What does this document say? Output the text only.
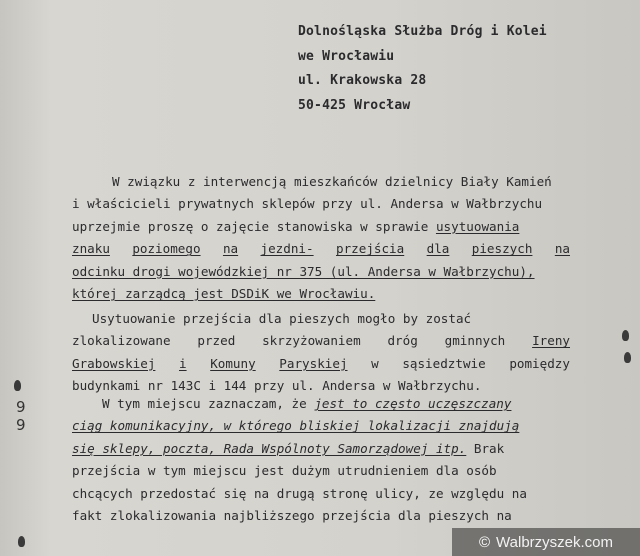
Dolnośląska Służba Dróg i Kolei
we Wrocławiu
ul. Krakowska 28
50-425 Wrocław
W związku z interwencją mieszkańców dzielnicy Biały Kamień
i właścicieli prywatnych sklepów przy ul. Andersa w Wałbrzychu
uprzejmie proszę o zajęcie stanowiska w sprawie usytuowania
znaku poziomego na jezdni- przejścia dla pieszych na
odcinku drogi wojewódzkiej nr 375 (ul. Andersa w Wałbrzychu),
której zarządcą jest DSDiK we Wrocławiu.
Usytuowanie przejścia dla pieszych mogło by zostać
zlokalizowane przed skrzyżowaniem dróg gminnych Ireny
Grabowskiej i Komuny Paryskiej w sąsiedztwie pomiędzy
budynkami nr 143C i 144 przy ul. Andersa w Wałbrzychu.
W tym miejscu zaznaczam, że jest to często uczęszczany
ciąg komunikacyjny, w którego bliskiej lokalizacji znajdują
się sklepy, poczta, Rada Wspólnoty Samorządowej itp. Brak
przejścia w tym miejscu jest dużym utrudnieniem dla osób
chcących przedostać się na drugą stronę ulicy, ze względu na
fakt zlokalizowania najbliższego przejścia dla pieszych na
9
9
© Walbrzyszek.com
